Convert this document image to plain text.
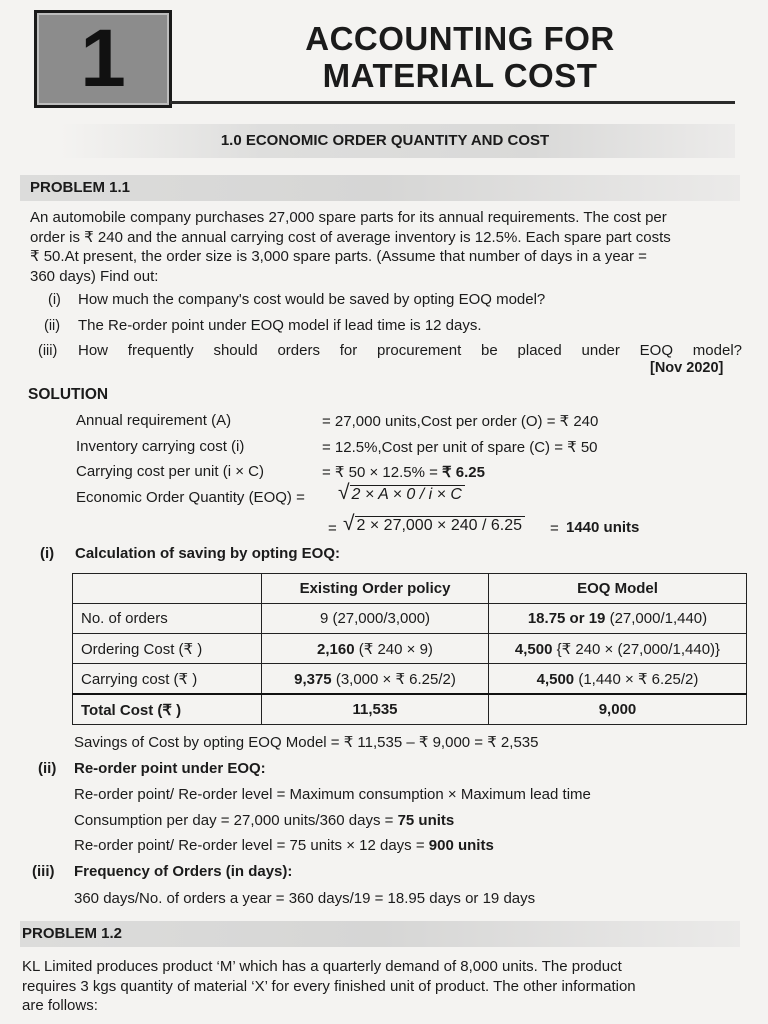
1	ACCOUNTING FOR
MATERIAL COST
1.0 ECONOMIC ORDER QUANTITY AND COST
PROBLEM 1.1
An automobile company purchases 27,000 spare parts for its annual requirements. The cost per
order is ₹ 240 and the annual carrying cost of average inventory is 12.5%. Each spare part costs
₹ 50.At present, the order size is 3,000 spare parts. (Assume that number of days in a year =
360 days) Find out:
(i) How much the company's cost would be saved by opting EOQ model?
(ii) The Re-order point under EOQ model if lead time is 12 days.
(iii) How frequently should orders for procurement be placed under EOQ model?
[Nov 2020]
SOLUTION
Annual requirement (A)	= 27,000 units,Cost per order (O) = ₹ 240
Inventory carrying cost (i)	= 12.5%,Cost per unit of spare (C) = ₹ 50
Carrying cost per unit (i × C)	= ₹ 50 × 12.5% = ₹ 6.25
Economic Order Quantity (EOQ) = √ 2 × A × 0 / i × C
= √ 2 × 27,000 × 240 / 6.25 = 1440 units
(i) Calculation of saving by opting EOQ:
	Existing Order policy	EOQ Model
No. of orders	9 (27,000/3,000)	18.75 or 19 (27,000/1,440)
Ordering Cost (₹ )	2,160 (₹ 240 × 9)	4,500 {₹ 240 × (27,000/1,440)}
Carrying cost (₹ )	9,375 (3,000 × ₹ 6.25/2)	4,500 (1,440 × ₹ 6.25/2)
Total Cost (₹ )	11,535	9,000
Savings of Cost by opting EOQ Model = ₹ 11,535 – ₹ 9,000 = ₹ 2,535
(ii) Re-order point under EOQ:
Re-order point/ Re-order level = Maximum consumption × Maximum lead time
Consumption per day = 27,000 units/360 days = 75 units
Re-order point/ Re-order level = 75 units × 12 days = 900 units
(iii) Frequency of Orders (in days):
360 days/No. of orders a year = 360 days/19 = 18.95 days or 19 days
PROBLEM 1.2
KL Limited produces product ‘M’ which has a quarterly demand of 8,000 units. The product
requires 3 kgs quantity of material ‘X’ for every finished unit of product. The other information
are follows:
